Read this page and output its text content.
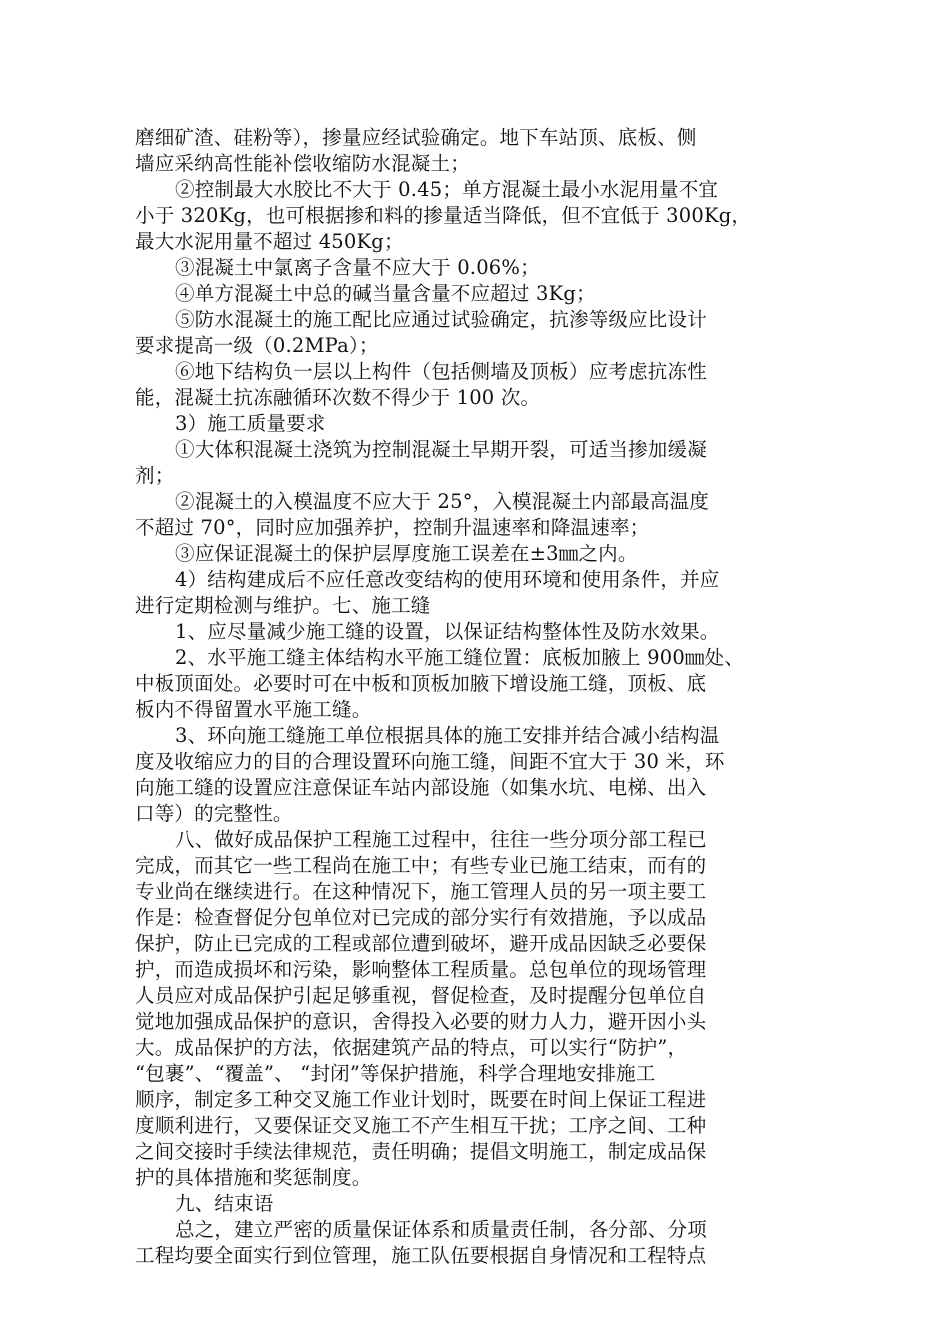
磨细矿渣、硅粉等），掺量应经试验确定。地下车站顶、底板、侧
墙应采纳高性能补偿收缩防水混凝土；
②控制最大水胶比不大于 0.45；单方混凝土最小水泥用量不宜
小于 320Kg，也可根据掺和料的掺量适当降低，但不宜低于 300Kg，
最大水泥用量不超过 450Kg；
③混凝土中氯离子含量不应大于 0.06%；
④单方混凝土中总的碱当量含量不应超过 3Kg；
⑤防水混凝土的施工配比应通过试验确定，抗渗等级应比设计
要求提高一级（0.2MPa）；
⑥地下结构负一层以上构件（包括侧墙及顶板）应考虑抗冻性
能，混凝土抗冻融循环次数不得少于 100 次。
3）施工质量要求
①大体积混凝土浇筑为控制混凝土早期开裂，可适当掺加缓凝
剂；
②混凝土的入模温度不应大于 25°，入模混凝土内部最高温度
不超过 70°，同时应加强养护，控制升温速率和降温速率；
③应保证混凝土的保护层厚度施工误差在±3㎜之内。
4）结构建成后不应任意改变结构的使用环境和使用条件，并应
进行定期检测与维护。七、施工缝
1、应尽量减少施工缝的设置，以保证结构整体性及防水效果。
2、水平施工缝主体结构水平施工缝位置：底板加腋上 900㎜处、
中板顶面处。必要时可在中板和顶板加腋下增设施工缝，顶板、底
板内不得留置水平施工缝。
3、环向施工缝施工单位根据具体的施工安排并结合减小结构温
度及收缩应力的目的合理设置环向施工缝，间距不宜大于 30 米，环
向施工缝的设置应注意保证车站内部设施（如集水坑、电梯、出入
口等）的完整性。
八、做好成品保护工程施工过程中，往往一些分项分部工程已
完成，而其它一些工程尚在施工中；有些专业已施工结束，而有的
专业尚在继续进行。在这种情况下，施工管理人员的另一项主要工
作是：检查督促分包单位对已完成的部分实行有效措施，予以成品
保护，防止已完成的工程或部位遭到破坏，避开成品因缺乏必要保
护，而造成损坏和污染，影响整体工程质量。总包单位的现场管理
人员应对成品保护引起足够重视，督促检查，及时提醒分包单位自
觉地加强成品保护的意识，舍得投入必要的财力人力，避开因小头
大。成品保护的方法，依据建筑产品的特点，可以实行“防护”，
“包裹”、“覆盖”、 “封闭”等保护措施，科学合理地安排施工
顺序，制定多工种交叉施工作业计划时，既要在时间上保证工程进
度顺利进行，又要保证交叉施工不产生相互干扰；工序之间、工种
之间交接时手续法律规范，责任明确；提倡文明施工，制定成品保
护的具体措施和奖惩制度。
九、结束语
总之，建立严密的质量保证体系和质量责任制，各分部、分项
工程均要全面实行到位管理，施工队伍要根据自身情况和工程特点
